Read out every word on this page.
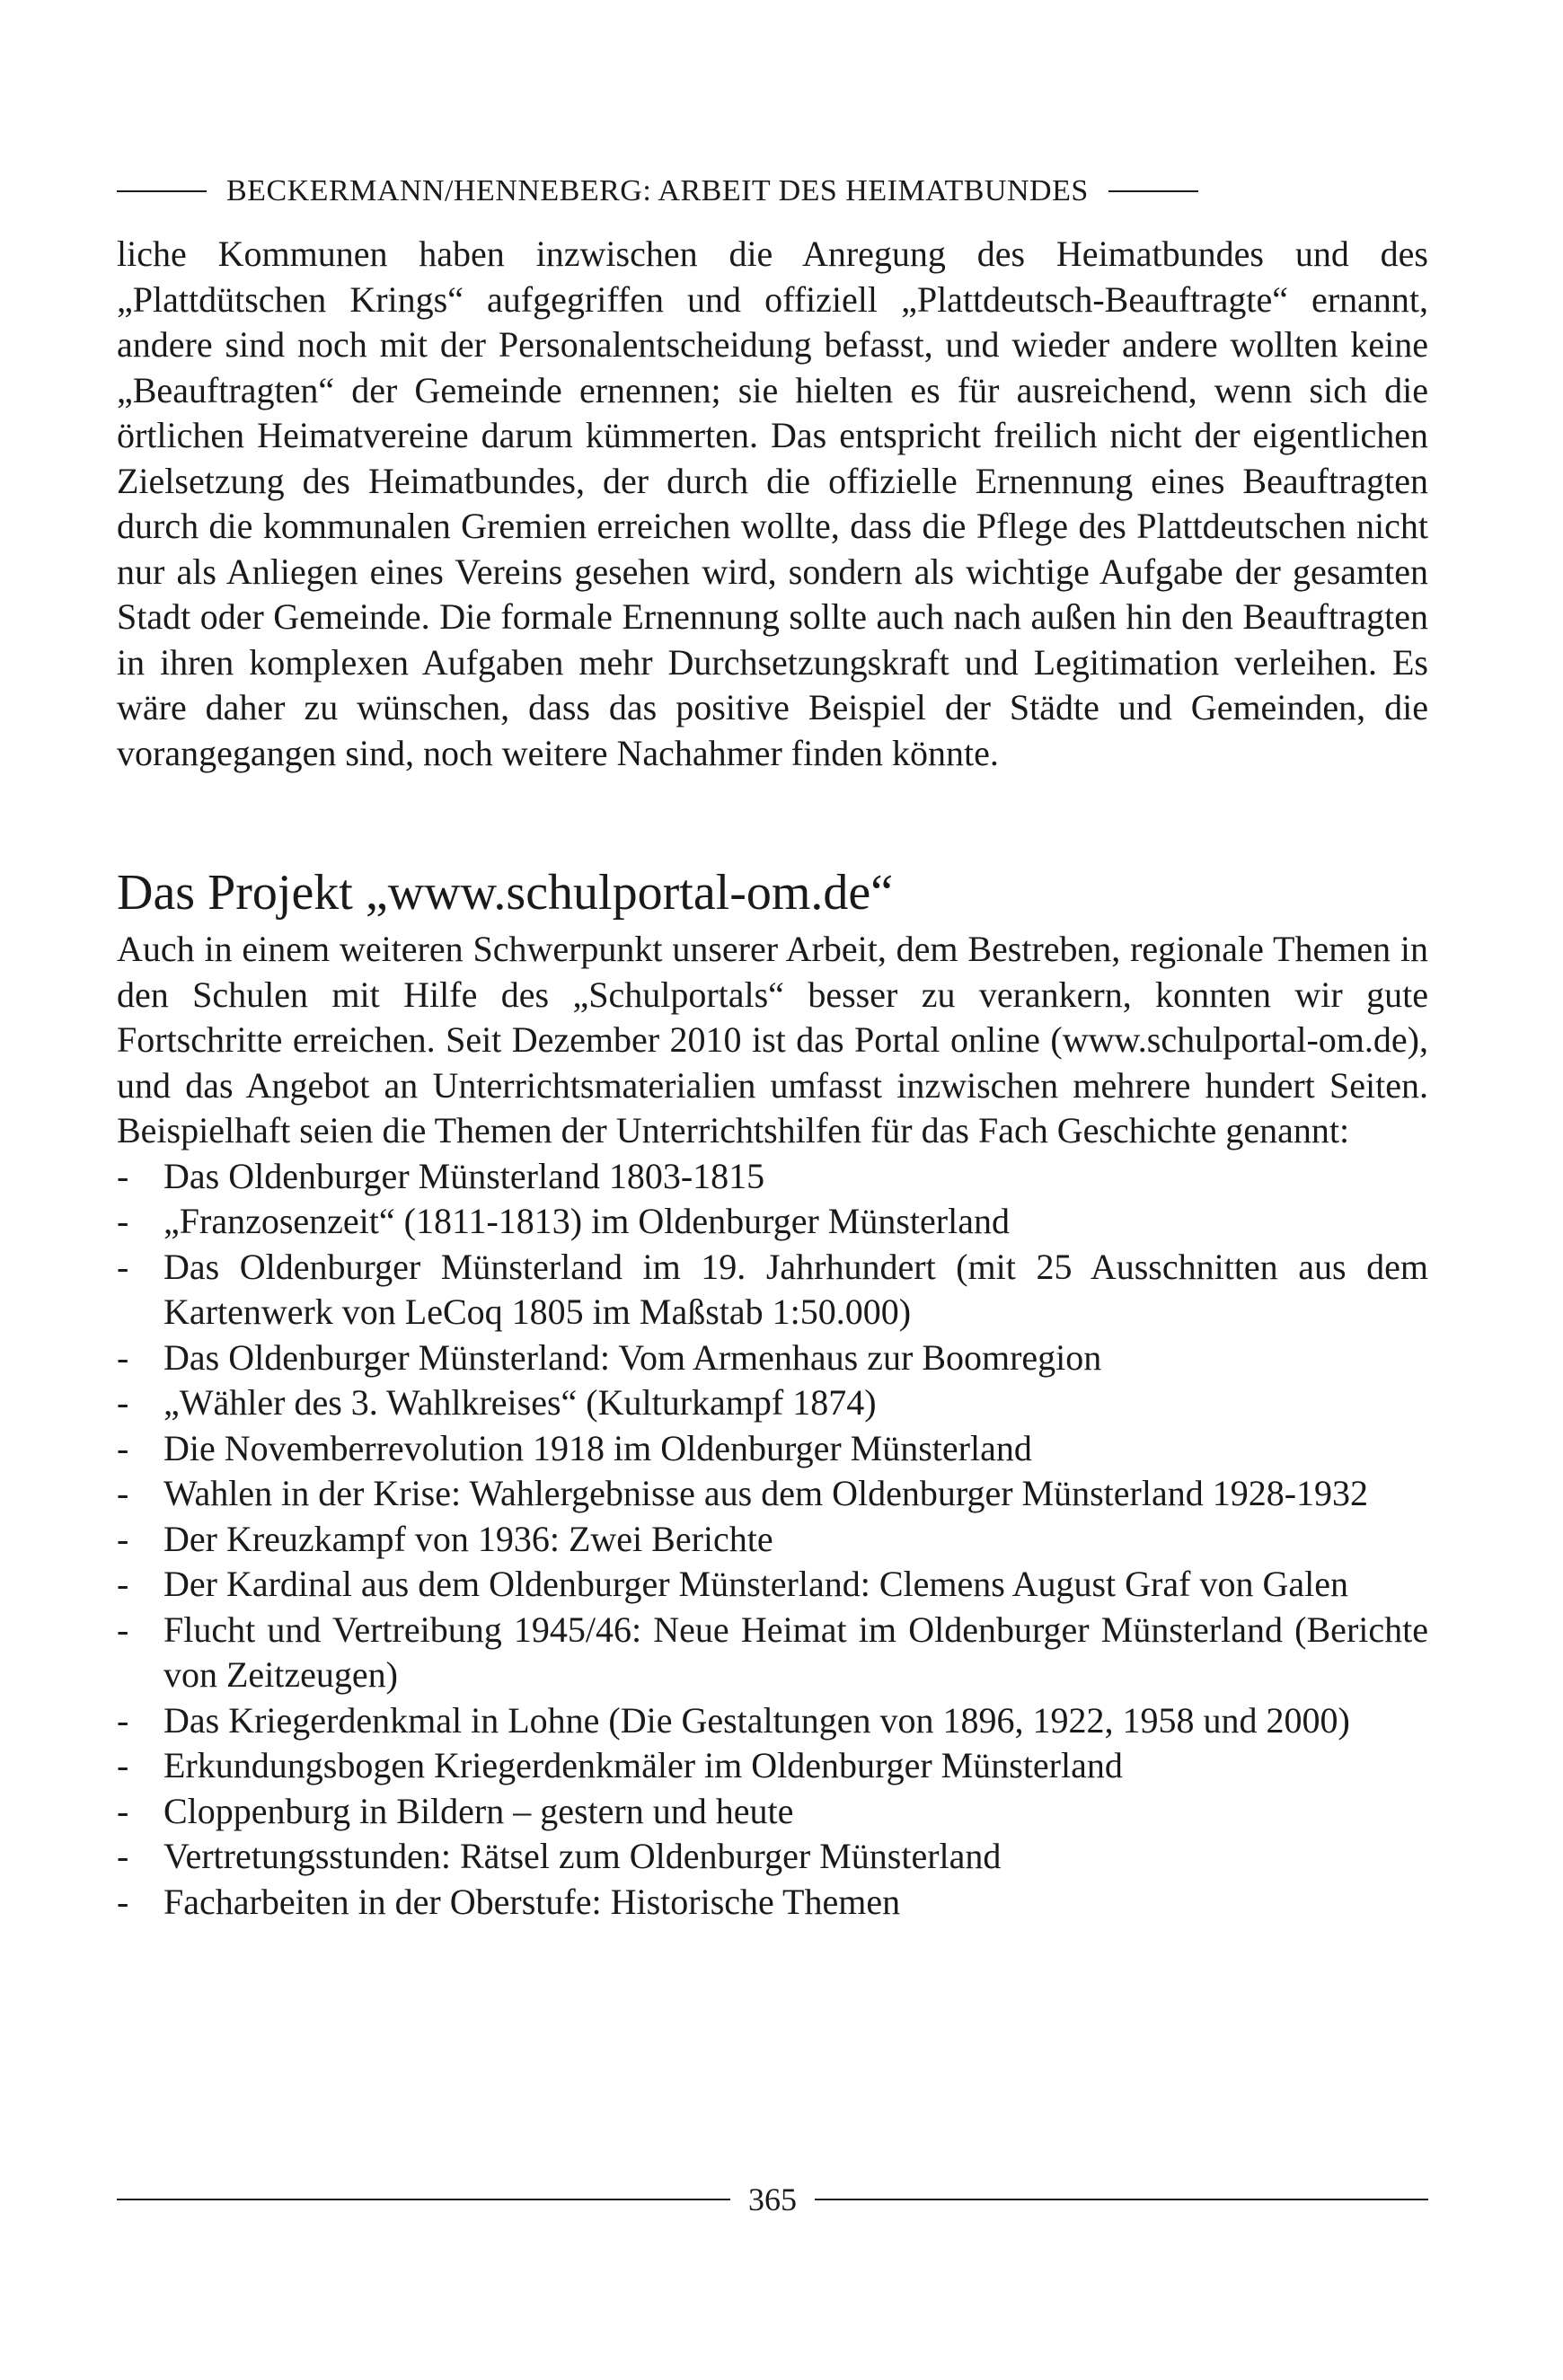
BECKERMANN/HENNEBERG: ARBEIT DES HEIMATBUNDES

liche Kommunen haben inzwischen die Anregung des Heimatbundes und des „Plattdütschen Krings“ aufgegriffen und offiziell „Plattdeutsch-Beauftragte“ ernannt, andere sind noch mit der Personalentscheidung befasst, und wieder andere wollten keine „Beauftragten“ der Gemeinde ernennen; sie hielten es für ausreichend, wenn sich die örtlichen Heimatvereine darum kümmerten. Das entspricht freilich nicht der eigentlichen Zielsetzung des Heimatbundes, der durch die offizielle Ernennung eines Beauftragten durch die kommunalen Gremien erreichen wollte, dass die Pflege des Plattdeutschen nicht nur als Anliegen eines Vereins gesehen wird, sondern als wichtige Aufgabe der gesamten Stadt oder Gemeinde. Die formale Ernennung sollte auch nach außen hin den Beauftragten in ihren komplexen Aufgaben mehr Durchsetzungskraft und Legitimation verleihen. Es wäre daher zu wünschen, dass das positive Beispiel der Städte und Gemeinden, die vorangegangen sind, noch weitere Nachahmer finden könnte.

Das Projekt „www.schulportal-om.de“

Auch in einem weiteren Schwerpunkt unserer Arbeit, dem Bestreben, regionale Themen in den Schulen mit Hilfe des „Schulportals“ besser zu verankern, konnten wir gute Fortschritte erreichen. Seit Dezember 2010 ist das Portal online (www.schulportal-om.de), und das Angebot an Unterrichtsmaterialien umfasst inzwischen mehrere hundert Seiten. Beispielhaft seien die Themen der Unterrichtshilfen für das Fach Geschichte genannt:

- Das Oldenburger Münsterland 1803-1815
- „Franzosenzeit“ (1811-1813) im Oldenburger Münsterland
- Das Oldenburger Münsterland im 19. Jahrhundert (mit 25 Ausschnitten aus dem Kartenwerk von LeCoq 1805 im Maßstab 1:50.000)
- Das Oldenburger Münsterland: Vom Armenhaus zur Boomregion
- „Wähler des 3. Wahlkreises“ (Kulturkampf 1874)
- Die Novemberrevolution 1918 im Oldenburger Münsterland
- Wahlen in der Krise: Wahlergebnisse aus dem Oldenburger Münsterland 1928-1932
- Der Kreuzkampf von 1936: Zwei Berichte
- Der Kardinal aus dem Oldenburger Münsterland: Clemens August Graf von Galen
- Flucht und Vertreibung 1945/46: Neue Heimat im Oldenburger Münsterland (Berichte von Zeitzeugen)
- Das Kriegerdenkmal in Lohne (Die Gestaltungen von 1896, 1922, 1958 und 2000)
- Erkundungsbogen Kriegerdenkmäler im Oldenburger Münsterland
- Cloppenburg in Bildern – gestern und heute
- Vertretungsstunden: Rätsel zum Oldenburger Münsterland
- Facharbeiten in der Oberstufe: Historische Themen
365
